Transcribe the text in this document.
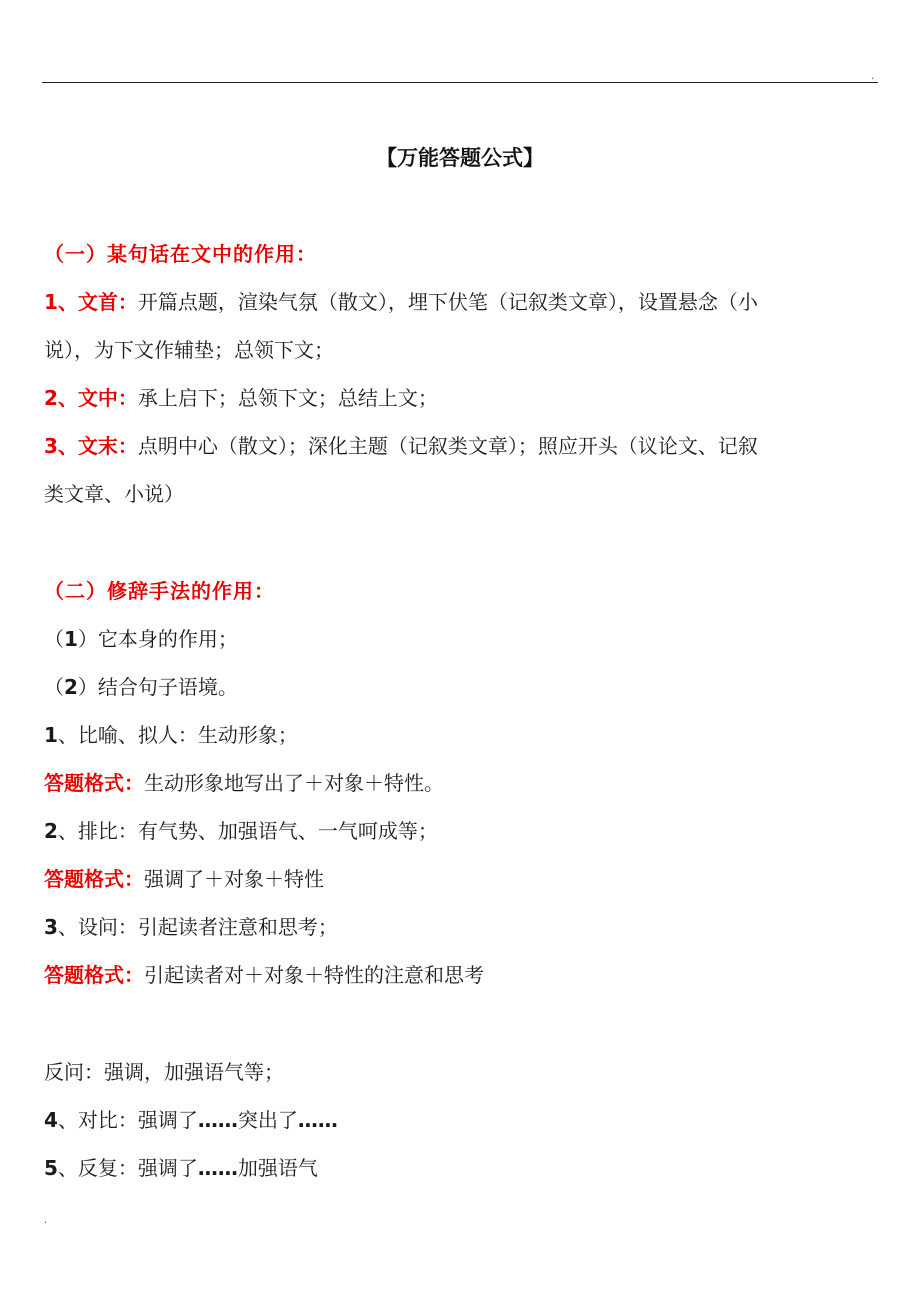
.
【万能答题公式】
（一）某句话在文中的作用：
1、文首：开篇点题，渲染气氛（散文），埋下伏笔（记叙类文章），设置悬念（小
说），为下文作辅垫；总领下文；
2、文中：承上启下；总领下文；总结上文；
3、文末：点明中心（散文）；深化主题（记叙类文章）；照应开头（议论文、记叙
类文章、小说）
（二）修辞手法的作用：
（1）它本身的作用；
（2）结合句子语境。
1、比喻、拟人：生动形象；
答题格式：生动形象地写出了＋对象＋特性。
2、排比：有气势、加强语气、一气呵成等；
答题格式：强调了＋对象＋特性
3、设问：引起读者注意和思考；
答题格式：引起读者对＋对象＋特性的注意和思考
反问：强调，加强语气等；
4、对比：强调了……突出了……
5、反复：强调了……加强语气
.
